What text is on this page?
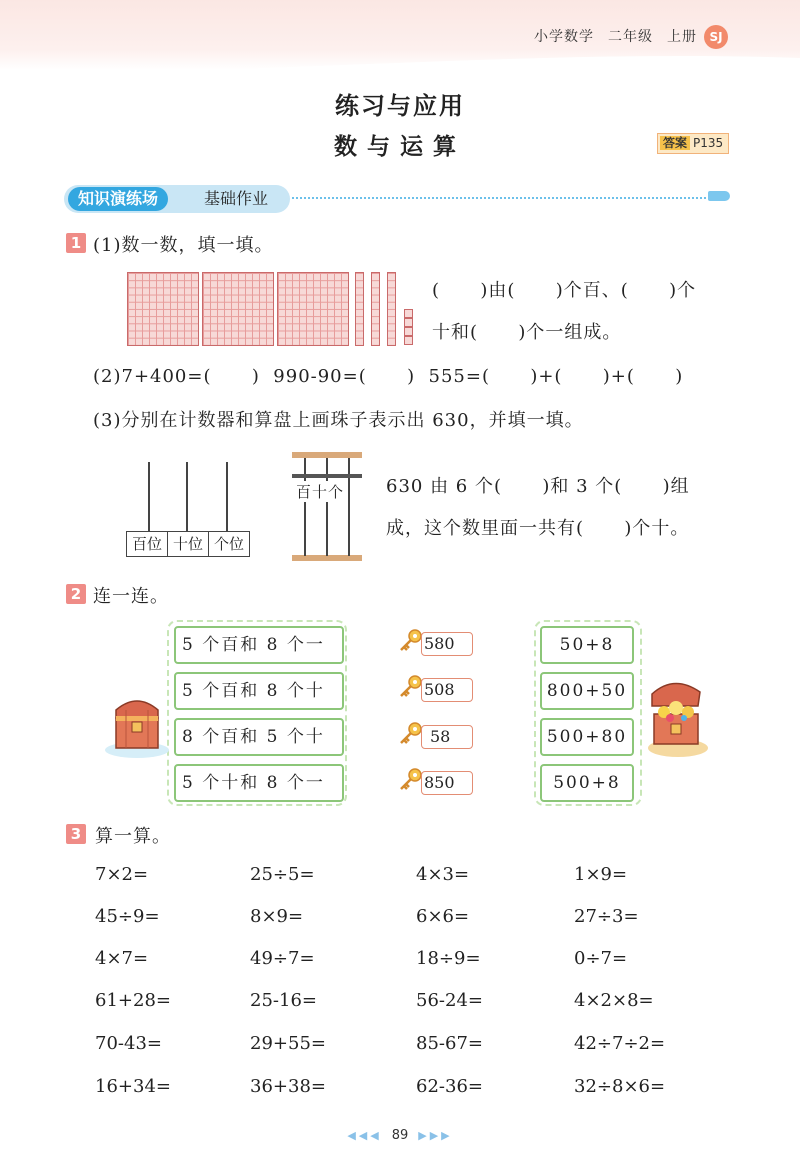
小学数学 二年级 上册	SJ
练习与应用
数与运算	答案 P135
知识演练场	基础作业
1 (1)数一数，填一填。
(      )由(      )个百、(      )个
十和(      )个一组成。
(2)7+400=(      )  990-90=(      )  555=(      )+(      )+(      )
(3)分别在计数器和算盘上画珠子表示出 630，并填一填。
百位 十位 个位
百十个 630 由 6 个(      )和 3 个(      )组
成，这个数里面一共有(      )个十。
2 连一连。
5 个百和 8 个一
5 个百和 8 个十
8 个百和 5 个十
5 个十和 8 个一
580
508
58
850
50+8
800+50
500+80
500+8
3 算一算。
7×2=	25÷5=	4×3=	1×9=
45÷9=	8×9=	6×6=	27÷3=
4×7=	49÷7=	18÷9=	0÷7=
61+28=	25-16=	56-24=	4×2×8=
70-43=	29+55=	85-67=	42÷7÷2=
16+34=	36+38=	62-36=	32÷8×6=
◀◀◀ 89 ▶▶▶
